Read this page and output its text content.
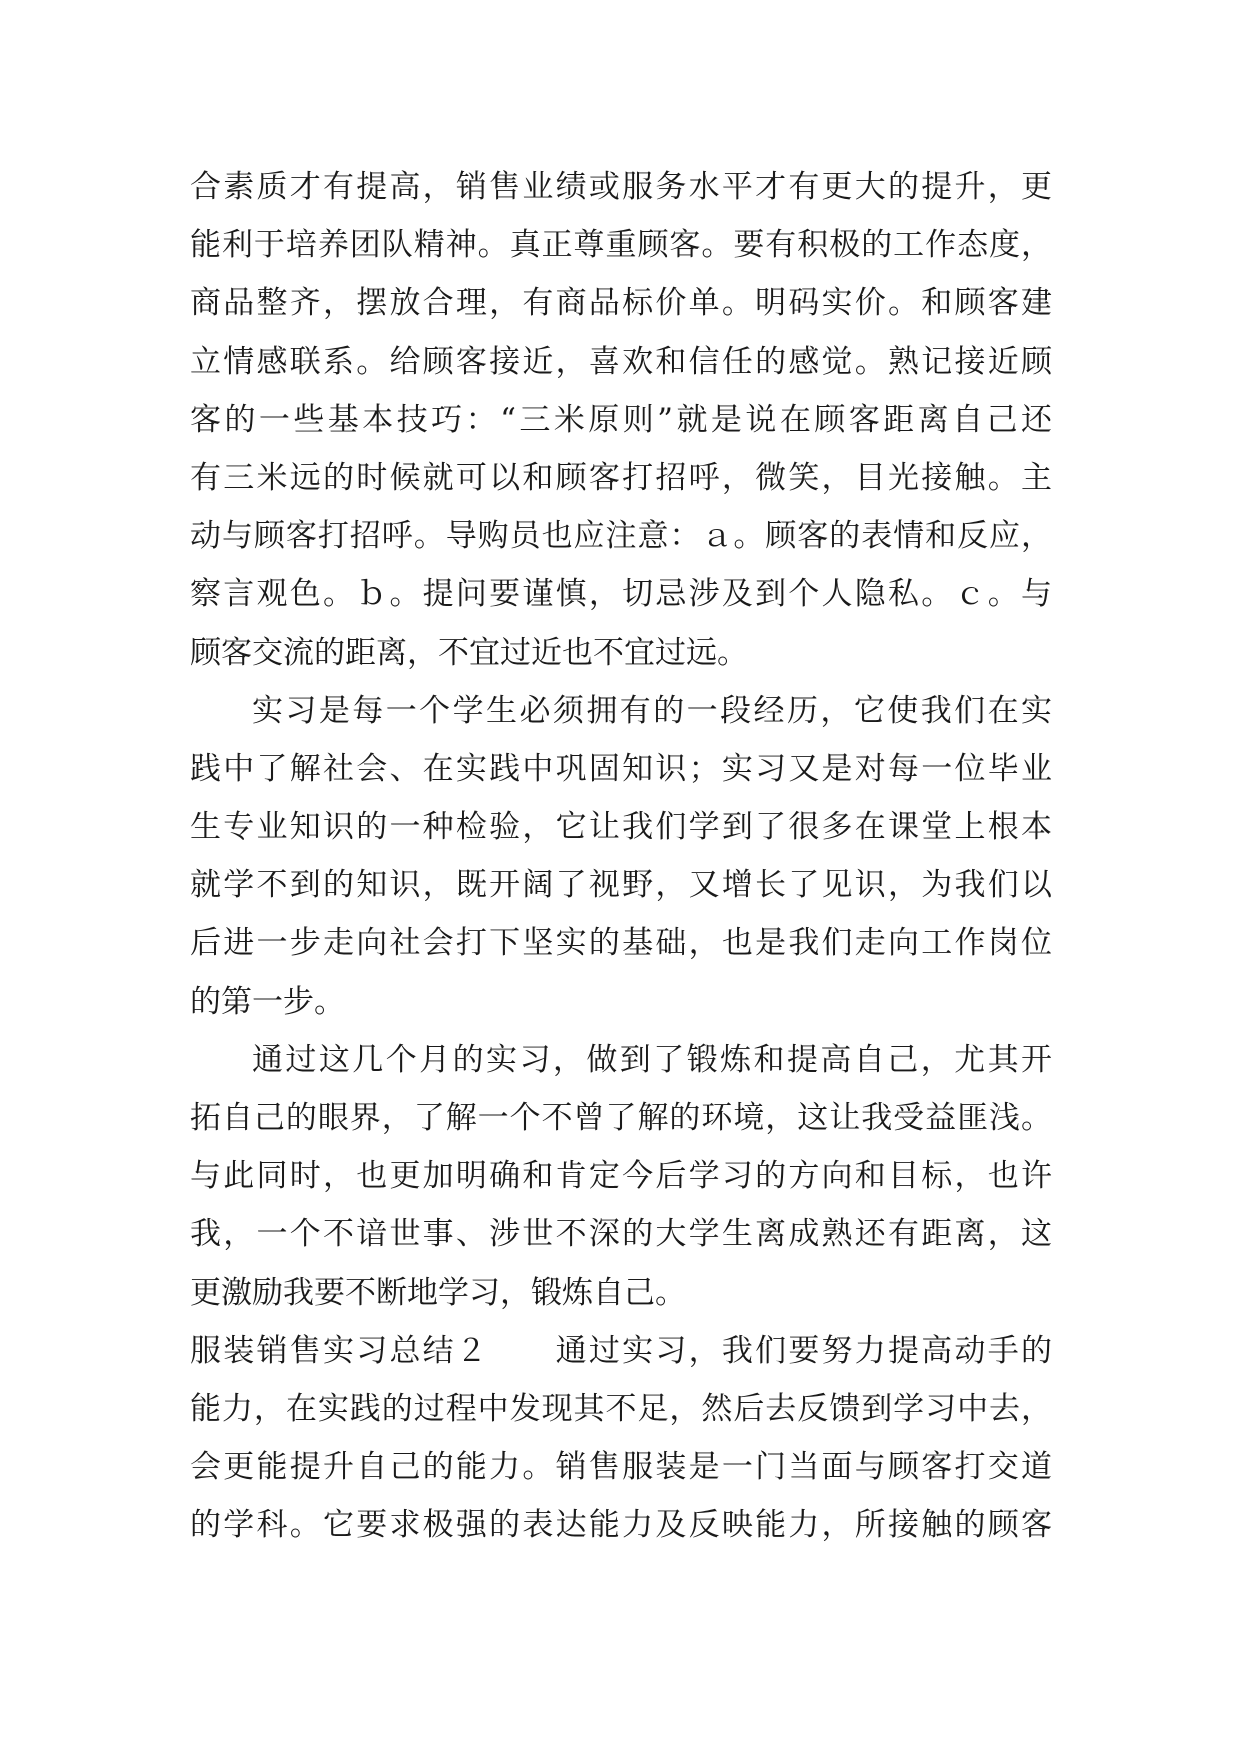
合素质才有提高，销售业绩或服务水平才有更大的提升，更
能利于培养团队精神。真正尊重顾客。要有积极的工作态度，
商品整齐，摆放合理，有商品标价单。明码实价。和顾客建
立情感联系。给顾客接近，喜欢和信任的感觉。熟记接近顾
客的一些基本技巧：“三米原则”就是说在顾客距离自己还
有三米远的时候就可以和顾客打招呼，微笑，目光接触。主
动与顾客打招呼。导购员也应注意：ａ。顾客的表情和反应，
察言观色。ｂ。提问要谨慎，切忌涉及到个人隐私。ｃ。与
顾客交流的距离，不宜过近也不宜过远。
实习是每一个学生必须拥有的一段经历，它使我们在实
践中了解社会、在实践中巩固知识；实习又是对每一位毕业
生专业知识的一种检验，它让我们学到了很多在课堂上根本
就学不到的知识，既开阔了视野，又增长了见识，为我们以
后进一步走向社会打下坚实的基础，也是我们走向工作岗位
的第一步。
通过这几个月的实习，做到了锻炼和提高自己，尤其开
拓自己的眼界，了解一个不曾了解的环境，这让我受益匪浅。
与此同时，也更加明确和肯定今后学习的方向和目标，也许
我，一个不谙世事、涉世不深的大学生离成熟还有距离，这
更激励我要不断地学习，锻炼自己。
服装销售实习总结２　　通过实习，我们要努力提高动手的
能力，在实践的过程中发现其不足，然后去反馈到学习中去，
会更能提升自己的能力。销售服装是一门当面与顾客打交道
的学科。它要求极强的表达能力及反映能力，所接触的顾客
